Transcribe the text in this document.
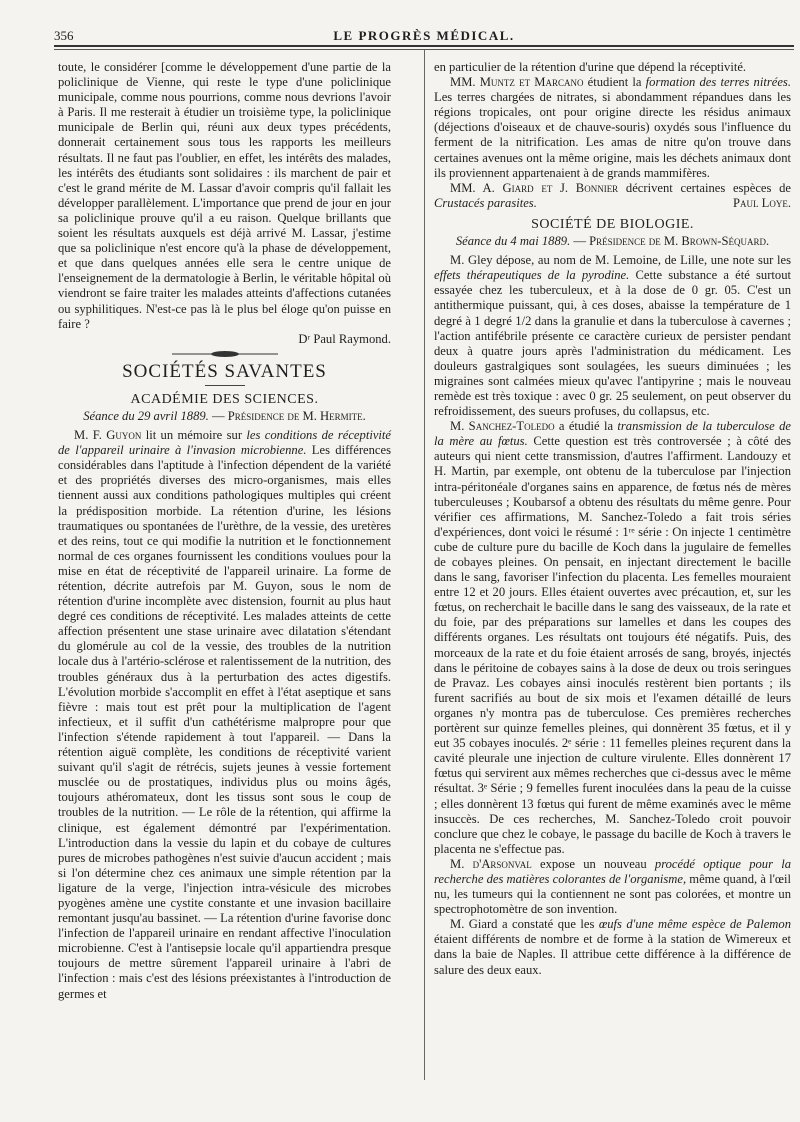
356	LE PROGRÈS MÉDICAL.

toute, le considérer [comme le développement d'une partie de la policlinique de Vienne, qui reste le type d'une policlinique municipale, comme nous pourrions, comme nous devrions l'avoir à Paris. Il me resterait à étudier un troisième type, la policlinique municipale de Berlin qui, réuni aux deux types précédents, donnerait certainement sous tous les rapports les meilleurs résultats. Il ne faut pas l'oublier, en effet, les intérêts des malades, les intérêts des étudiants sont solidaires : ils marchent de pair et c'est le grand mérite de M. Lassar d'avoir compris qu'il fallait les développer parallèlement. L'importance que prend de jour en jour sa policlinique prouve qu'il a eu raison. Quelque brillants que soient les résultats auxquels est déjà arrivé M. Lassar, j'estime que sa policlinique n'est encore qu'à la phase de développement, et que dans quelques années elle sera le centre unique de l'enseignement de la dermatologie à Berlin, le véritable hôpital où viendront se faire traiter les malades atteints d'affections cutanées ou syphilitiques. N'est-ce pas là le plus bel éloge qu'on puisse en faire ?

Dʳ Paul Raymond.

SOCIÉTÉS SAVANTES
ACADÉMIE DES SCIENCES.
Séance du 29 avril 1889. — Présidence de M. Hermite.

M. F. Guyon lit un mémoire sur les conditions de réceptivité de l'appareil urinaire à l'invasion microbienne. Les différences considérables dans l'aptitude à l'infection dépendent de la variété et des propriétés diverses des micro-organismes, mais elles tiennent aussi aux conditions pathologiques multiples qui créent la prédisposition morbide. La rétention d'urine, les lésions traumatiques ou spontanées de l'urèthre, de la vessie, des uretères et des reins, tout ce qui modifie la nutrition et le fonctionnement normal de ces organes fournissent les conditions voulues pour la mise en état de réceptivité de l'appareil urinaire. La forme de rétention, décrite autrefois par M. Guyon, sous le nom de rétention d'urine incomplète avec distension, fournit au plus haut degré ces conditions de réceptivité. Les malades atteints de cette affection présentent une stase urinaire avec dilatation s'étendant du glomérule au col de la vessie, des troubles de la nutrition locale dus à l'artério-sclérose et ralentissement de la nutrition, des troubles généraux dus à la perturbation des actes digestifs. L'évolution morbide s'accomplit en effet à l'état aseptique et sans fièvre : mais tout est prêt pour la multiplication de l'agent infectieux, et il suffit d'un cathétérisme malpropre pour que l'infection s'étende rapidement à tout l'appareil. — Dans la rétention aiguë complète, les conditions de réceptivité varient suivant qu'il s'agit de rétrécis, sujets jeunes à vessie fortement musclée ou de prostatiques, individus plus ou moins âgés, toujours athéromateux, dont les tissus sont sous le coup de troubles de la nutrition. — Le rôle de la rétention, qui affirme la clinique, est également démontré par l'expérimentation. L'introduction dans la vessie du lapin et du cobaye de cultures pures de microbes pathogènes n'est suivie d'aucun accident ; mais si l'on détermine chez ces animaux une simple rétention par la ligature de la verge, l'injection intra-vésicule des microbes pyogènes amène une cystite constante et une invasion bacillaire remontant jusqu'au bassinet. — La rétention d'urine favorise donc l'infection de l'appareil urinaire en rendant affective l'inoculation microbienne. C'est à l'antisepsie locale qu'il appartiendra presque toujours de mettre sûrement l'appareil urinaire à l'abri de l'infection : mais c'est des lésions préexistantes à l'introduction de germes et

en particulier de la rétention d'urine que dépend la réceptivité.

MM. Muntz et Marcano étudient la formation des terres nitrées. Les terres chargées de nitrates, si abondamment répandues dans les régions tropicales, ont pour origine directe les résidus animaux (déjections d'oiseaux et de chauve-souris) oxydés sous l'influence du ferment de la nitrification. Les amas de nitre qu'on trouve dans certaines avenues ont la même origine, mais les déchets animaux dont ils proviennent appartenaient à de grands mammifères.

MM. A. Giard et J. Bonnier décrivent certaines espèces de Crustacés parasites.	Paul Loye.

SOCIÉTÉ DE BIOLOGIE.
Séance du 4 mai 1889. — Présidence de M. Brown-Séquard.

M. Gley dépose, au nom de M. Lemoine, de Lille, une note sur les effets thérapeutiques de la pyrodine. Cette substance a été surtout essayée chez les tuberculeux, et à la dose de 0 gr. 05. C'est un antithermique puissant, qui, à ces doses, abaisse la température de 1 degré à 1 degré 1/2 dans la granulie et dans la tuberculose à cavernes ; l'action antifébrile présente ce caractère curieux de persister pendant deux à quatre jours après l'administration du médicament. Les douleurs gastralgiques sont soulagées, les sueurs diminuées ; les migraines sont calmées mieux qu'avec l'antipyrine ; mais le nouveau remède est très toxique : avec 0 gr. 25 seulement, on peut observer du refroidissement, des sueurs profuses, du collapsus, etc.

M. Sanchez-Toledo a étudié la transmission de la tuberculose de la mère au fœtus. Cette question est très controversée ; à côté des auteurs qui nient cette transmission, d'autres l'affirment. Landouzy et H. Martin, par exemple, ont obtenu de la tuberculose par l'injection intra-péritonéale d'organes sains en apparence, de fœtus nés de mères tuberculeuses ; Koubarsof a obtenu des résultats du même genre. Pour vérifier ces affirmations, M. Sanchez-Toledo a fait trois séries d'expériences, dont voici le résumé : 1ʳᵉ série : On injecte 1 centimètre cube de culture pure du bacille de Koch dans la jugulaire de femelles de cobayes pleines. On pensait, en injectant directement le bacille dans le sang, favoriser l'infection du placenta. Les femelles mouraient entre 12 et 20 jours. Elles étaient ouvertes avec précaution, et, sur les fœtus, on recherchait le bacille dans le sang des vaisseaux, de la rate et du foie, par des préparations sur lamelles et dans les coupes des différents organes. Les résultats ont toujours été négatifs. Puis, des morceaux de la rate et du foie étaient arrosés de sang, broyés, injectés dans le péritoine de cobayes sains à la dose de deux ou trois seringues de Pravaz. Les cobayes ainsi inoculés restèrent bien portants ; ils furent sacrifiés au bout de six mois et l'examen détaillé de leurs organes n'y montra pas de tuberculose. Ces premières recherches portèrent sur quinze femelles pleines, qui donnèrent 35 fœtus, et il y eut 35 cobayes inoculés. 2ᵉ série : 11 femelles pleines reçurent dans la cavité pleurale une injection de culture virulente. Elles donnèrent 17 fœtus qui servirent aux mêmes recherches que ci-dessus avec le même résultat. 3ᵉ Série ; 9 femelles furent inoculées dans la peau de la cuisse ; elles donnèrent 13 fœtus qui furent de même examinés avec le même insuccès. De ces recherches, M. Sanchez-Toledo croit pouvoir conclure que chez le cobaye, le passage du bacille de Koch à travers le placenta ne s'effectue pas.

M. d'Arsonval expose un nouveau procédé optique pour la recherche des matières colorantes de l'organisme, même quand, à l'œil nu, les tumeurs qui la contiennent ne sont pas colorées, et montre un spectrophotomètre de son invention.

M. Giard a constaté que les œufs d'une même espèce de Palemon étaient différents de nombre et de forme à la station de Wimereux et dans la baie de Naples. Il attribue cette différence à la différence de salure des deux eaux.
